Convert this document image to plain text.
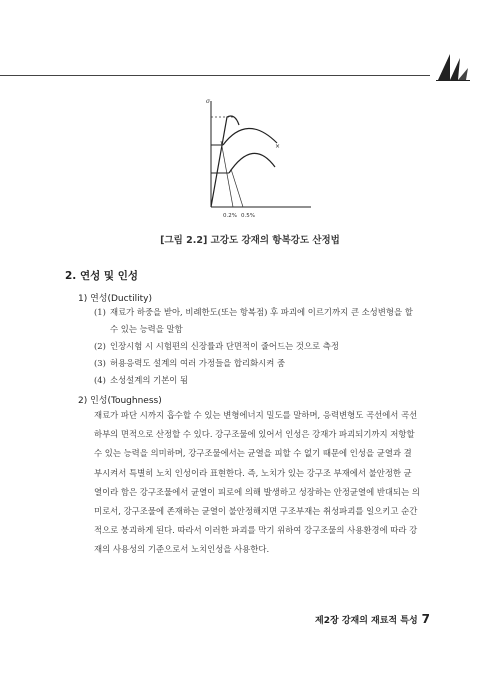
σ
×
0.2% 0.5%
[그림 2.2] 고강도 강재의 항복강도 산정법
2. 연성 및 인성
1) 연성(Ductility)
(1) 재료가 하중을 받아, 비례한도(또는 항복점) 후 파괴에 이르기까지 큰 소성변형을 할
수 있는 능력을 말함
(2) 인장시험 시 시험편의 신장률과 단면적이 줄어드는 것으로 측정
(3) 허용응력도 설계의 여러 가정들을 합리화시켜 줌
(4) 소성설계의 기본이 됨
2) 인성(Toughness)
재료가 파단 시까지 흡수할 수 있는 변형에너지 밀도를 말하며, 응력변형도 곡선에서 곡선
하부의 면적으로 산정할 수 있다. 강구조물에 있어서 인성은 강재가 파괴되기까지 저항할
수 있는 능력을 의미하며, 강구조물에서는 균열을 피할 수 없기 때문에 인성을 균열과 결
부시켜서 특별히 노치 인성이라 표현한다. 즉, 노치가 있는 강구조 부재에서 불안정한 균
열이라 함은 강구조물에서 균열이 피로에 의해 발생하고 성장하는 안정균열에 반대되는 의
미로서, 강구조물에 존재하는 균열이 불안정해지면 구조부재는 취성파괴를 일으키고 순간
적으로 붕괴하게 된다. 따라서 이러한 파괴를 막기 위하여 강구조물의 사용환경에 따라 강
재의 사용성의 기준으로서 노치인성을 사용한다.
제2장 강재의 재료적 특성 7
